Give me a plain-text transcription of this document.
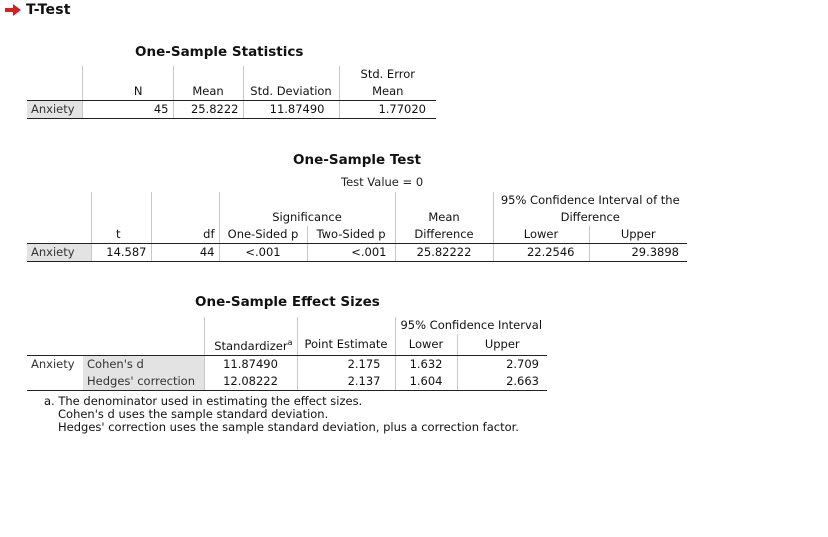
T-Test
One-Sample Statistics
				Std. Error
	N	Mean	Std. Deviation	Mean
Anxiety	45	25.8222	11.87490	1.77020
One-Sample Test
Test Value = 0
						95% Confidence Interval of the	
			Significance		Mean	Difference	
	t	df	One-Sided p	Two-Sided p	Difference	Lower	Upper
Anxiety	14.587	44	<.001	<.001	25.82222	22.2546	29.3898
One-Sample Effect Sizes
				95% Confidence Interval	
		Standardizer$^a$	Point Estimate	Lower	Upper
Anxiety	Cohen's d	11.87490	2.175	1.632	2.709
	Hedges' correction	12.08222	2.137	1.604	2.663
a. The denominator used in estimating the effect sizes.
Cohen's d uses the sample standard deviation.
Hedges' correction uses the sample standard deviation, plus a correction factor.
